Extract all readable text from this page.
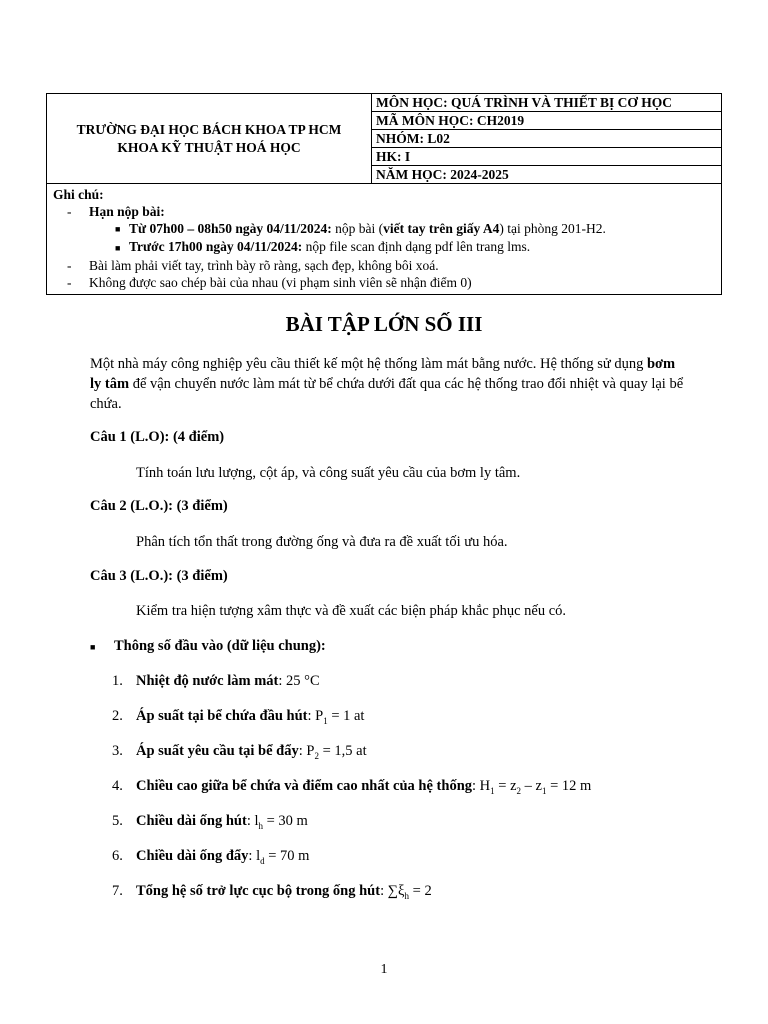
TRƯỜNG ĐẠI HỌC BÁCH KHOA TP HCM
KHOA KỸ THUẬT HOÁ HỌC
	MÔN HỌC: QUÁ TRÌNH VÀ THIẾT BỊ CƠ HỌC
MÃ MÔN HỌC: CH2019
NHÓM: L02
HK: I
NĂM HỌC: 2024-2025

Ghi chú:
- Hạn nộp bài:
■ Từ 07h00 – 08h50 ngày 04/11/2024: nộp bài (viết tay trên giấy A4) tại phòng 201-H2.
■ Trước 17h00 ngày 04/11/2024: nộp file scan định dạng pdf lên trang lms.
- Bài làm phải viết tay, trình bày rõ ràng, sạch đẹp, không bôi xoá.
- Không được sao chép bài của nhau (vi phạm sinh viên sẽ nhận điểm 0)
BÀI TẬP LỚN SỐ III
Một nhà máy công nghiệp yêu cầu thiết kế một hệ thống làm mát bằng nước. Hệ thống sử dụng bơm ly tâm để vận chuyển nước làm mát từ bể chứa dưới đất qua các hệ thống trao đổi nhiệt và quay lại bể chứa.
Câu 1 (L.O): (4 điểm)
Tính toán lưu lượng, cột áp, và công suất yêu cầu của bơm ly tâm.
Câu 2 (L.O.): (3 điểm)
Phân tích tổn thất trong đường ống và đưa ra đề xuất tối ưu hóa.
Câu 3 (L.O.): (3 điểm)
Kiểm tra hiện tượng xâm thực và đề xuất các biện pháp khắc phục nếu có.
■ Thông số đầu vào (dữ liệu chung):
1. Nhiệt độ nước làm mát: 25 °C
2. Áp suất tại bể chứa đầu hút: $P_1 = 1$ at
3. Áp suất yêu cầu tại bể đẩy: $P_2 = 1,5$ at
4. Chiều cao giữa bể chứa và điểm cao nhất của hệ thống: $H_1 = z_2 - z_1 = 12$ m
5. Chiều dài ống hút: $l_h = 30$ m
6. Chiều dài ống đẩy: $l_d = 70$ m
7. Tổng hệ số trở lực cục bộ trong ống hút: $\sum\xi_h = 2$
1
